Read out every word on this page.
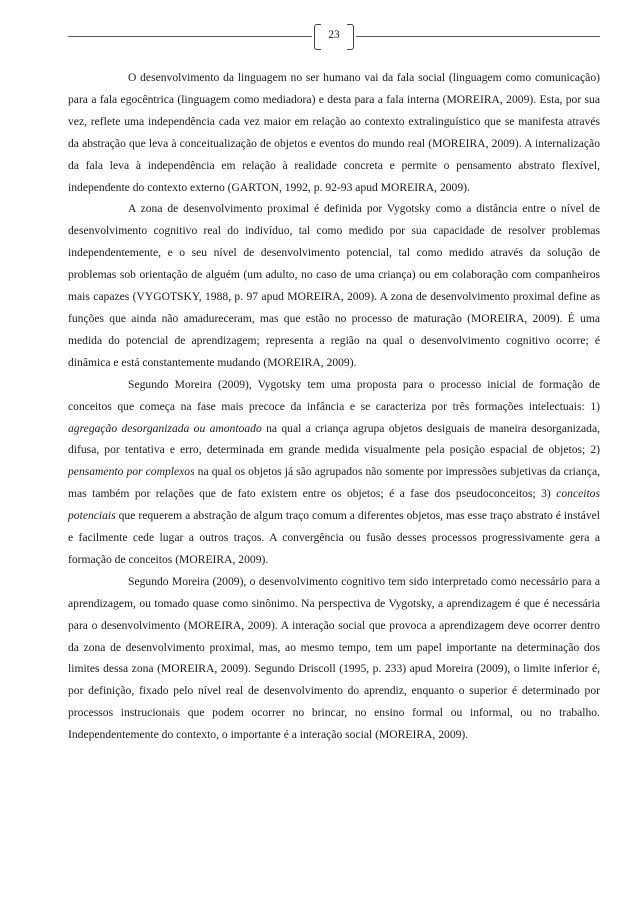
23

O desenvolvimento da linguagem no ser humano vai da fala social (linguagem como comunicação) para a fala egocêntrica (linguagem como mediadora) e desta para a fala interna (MOREIRA, 2009). Esta, por sua vez, reflete uma independência cada vez maior em relação ao contexto extralinguístico que se manifesta através da abstração que leva à conceitualização de objetos e eventos do mundo real (MOREIRA, 2009). A internalização da fala leva à independência em relação à realidade concreta e permite o pensamento abstrato flexível, independente do contexto externo (GARTON, 1992, p. 92-93 apud MOREIRA, 2009).

A zona de desenvolvimento proximal é definida por Vygotsky como a distância entre o nível de desenvolvimento cognitivo real do indivíduo, tal como medido por sua capacidade de resolver problemas independentemente, e o seu nível de desenvolvimento potencial, tal como medido através da solução de problemas sob orientação de alguém (um adulto, no caso de uma criança) ou em colaboração com companheiros mais capazes (VYGOTSKY, 1988, p. 97 apud MOREIRA, 2009). A zona de desenvolvimento proximal define as funções que ainda não amadureceram, mas que estão no processo de maturação (MOREIRA, 2009). É uma medida do potencial de aprendizagem; representa a região na qual o desenvolvimento cognitivo ocorre; é dinâmica e está constantemente mudando (MOREIRA, 2009).

Segundo Moreira (2009), Vygotsky tem uma proposta para o processo inicial de formação de conceitos que começa na fase mais precoce da infância e se caracteriza por três formações intelectuais: 1) agregação desorganizada ou amontoado na qual a criança agrupa objetos desiguais de maneira desorganizada, difusa, por tentativa e erro, determinada em grande medida visualmente pela posição espacial de objetos; 2) pensamento por complexos na qual os objetos já são agrupados não somente por impressões subjetivas da criança, mas também por relações que de fato existem entre os objetos; é a fase dos pseudoconceitos; 3) conceitos potenciais que requerem a abstração de algum traço comum a diferentes objetos, mas esse traço abstrato é instável e facilmente cede lugar a outros traços. A convergência ou fusão desses processos progressivamente gera a formação de conceitos (MOREIRA, 2009).

Segundo Moreira (2009), o desenvolvimento cognitivo tem sido interpretado como necessário para a aprendizagem, ou tomado quase como sinônimo. Na perspectiva de Vygotsky, a aprendizagem é que é necessária para o desenvolvimento (MOREIRA, 2009). A interação social que provoca a aprendizagem deve ocorrer dentro da zona de desenvolvimento proximal, mas, ao mesmo tempo, tem um papel importante na determinação dos limites dessa zona (MOREIRA, 2009). Segundo Driscoll (1995, p. 233) apud Moreira (2009), o limite inferior é, por definição, fixado pelo nível real de desenvolvimento do aprendiz, enquanto o superior é determinado por processos instrucionais que podem ocorrer no brincar, no ensino formal ou informal, ou no trabalho. Independentemente do contexto, o importante é a interação social (MOREIRA, 2009).
